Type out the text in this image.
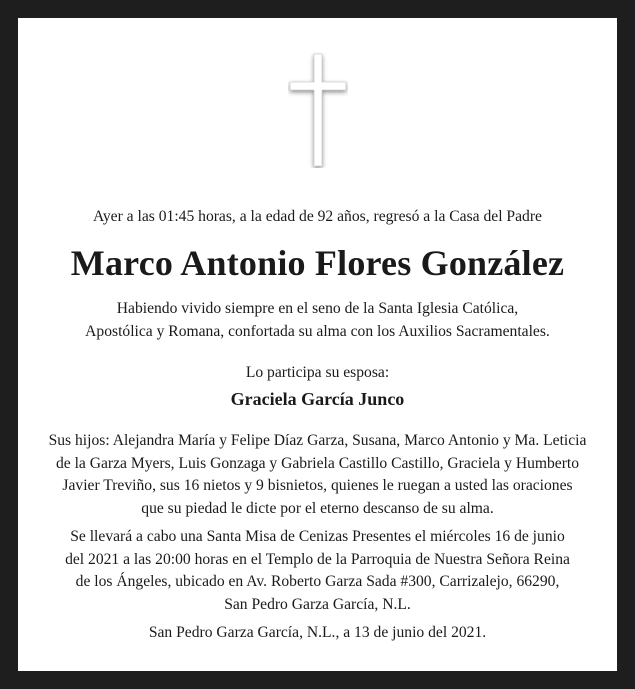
Ayer a las 01:45 horas, a la edad de 92 años, regresó a la Casa del Padre
Marco Antonio Flores González
Habiendo vivido siempre en el seno de la Santa Iglesia Católica,
Apostólica y Romana, confortada su alma con los Auxilios Sacramentales.
Lo participa su esposa:
Graciela García Junco
Sus hijos: Alejandra María y Felipe Díaz Garza, Susana, Marco Antonio y Ma. Leticia
de la Garza Myers, Luis Gonzaga y Gabriela Castillo Castillo, Graciela y Humberto
Javier Treviño, sus 16 nietos y 9 bisnietos, quienes le ruegan a usted las oraciones
que su piedad le dicte por el eterno descanso de su alma.
Se llevará a cabo una Santa Misa de Cenizas Presentes el miércoles 16 de junio
del 2021 a las 20:00 horas en el Templo de la Parroquia de Nuestra Señora Reina
de los Ángeles, ubicado en Av. Roberto Garza Sada #300, Carrizalejo, 66290,
San Pedro Garza García, N.L.
San Pedro Garza García, N.L., a 13 de junio del 2021.
